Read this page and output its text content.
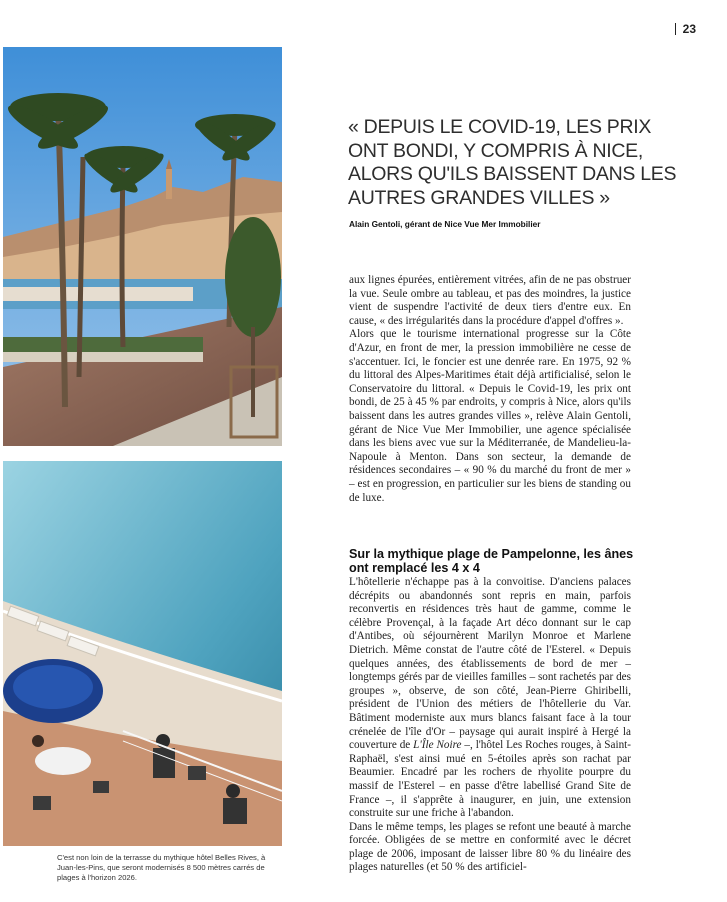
23
C'est non loin de la terrasse du mythique hôtel Belles Rives, à Juan-les-Pins, que seront modernisés 8 500 mètres carrés de plages à l'horizon 2026.
« DEPUIS LE COVID-19, LES PRIX ONT BONDI, Y COMPRIS À NICE, ALORS QU'ILS BAISSENT DANS LES AUTRES GRANDES VILLES »
Alain Gentoli, gérant de Nice Vue Mer Immobilier

aux lignes épurées, entièrement vitrées, afin de ne pas obstruer la vue. Seule ombre au tableau, et pas des moindres, la justice vient de suspendre l'activité de deux tiers d'entre eux. En cause, « des irrégularités dans la procédure d'appel d'offres ».

Alors que le tourisme international progresse sur la Côte d'Azur, en front de mer, la pression immobilière ne cesse de s'accentuer. Ici, le foncier est une denrée rare. En 1975, 92 % du littoral des Alpes-Maritimes était déjà artificialisé, selon le Conservatoire du littoral. « Depuis le Covid-19, les prix ont bondi, de 25 à 45 % par endroits, y compris à Nice, alors qu'ils baissent dans les autres grandes villes », relève Alain Gentoli, gérant de Nice Vue Mer Immobilier, une agence spécialisée dans les biens avec vue sur la Méditerranée, de Mandelieu-la-Napoule à Menton. Dans son secteur, la demande de résidences secondaires – « 90 % du marché du front de mer » – est en progression, en particulier sur les biens de standing ou de luxe.

Sur la mythique plage de Pampelonne, les ânes ont remplacé les 4 x 4

L'hôtellerie n'échappe pas à la convoitise. D'anciens palaces décrépits ou abandonnés sont repris en main, parfois reconvertis en résidences très haut de gamme, comme le célèbre Provençal, à la façade Art déco donnant sur le cap d'Antibes, où séjournèrent Marilyn Monroe et Marlene Dietrich. Même constat de l'autre côté de l'Esterel. « Depuis quelques années, des établissements de bord de mer – longtemps gérés par de vieilles familles – sont rachetés par des groupes », observe, de son côté, Jean-Pierre Ghiribelli, président de l'Union des métiers de l'hôtellerie du Var. Bâtiment moderniste aux murs blancs faisant face à la tour crénelée de l'île d'Or – paysage qui aurait inspiré à Hergé la couverture de L'Île Noire –, l'hôtel Les Roches rouges, à Saint-Raphaël, s'est ainsi mué en 5-étoiles après son rachat par Beaumier. Encadré par les rochers de rhyolite pourpre du massif de l'Esterel – en passe d'être labellisé Grand Site de France –, il s'apprête à inaugurer, en juin, une extension construite sur une friche à l'abandon.

Dans le même temps, les plages se refont une beauté à marche forcée. Obligées de se mettre en conformité avec le décret plage de 2006, imposant de laisser libre 80 % du linéaire des plages naturelles (et 50 % des artificiel-
